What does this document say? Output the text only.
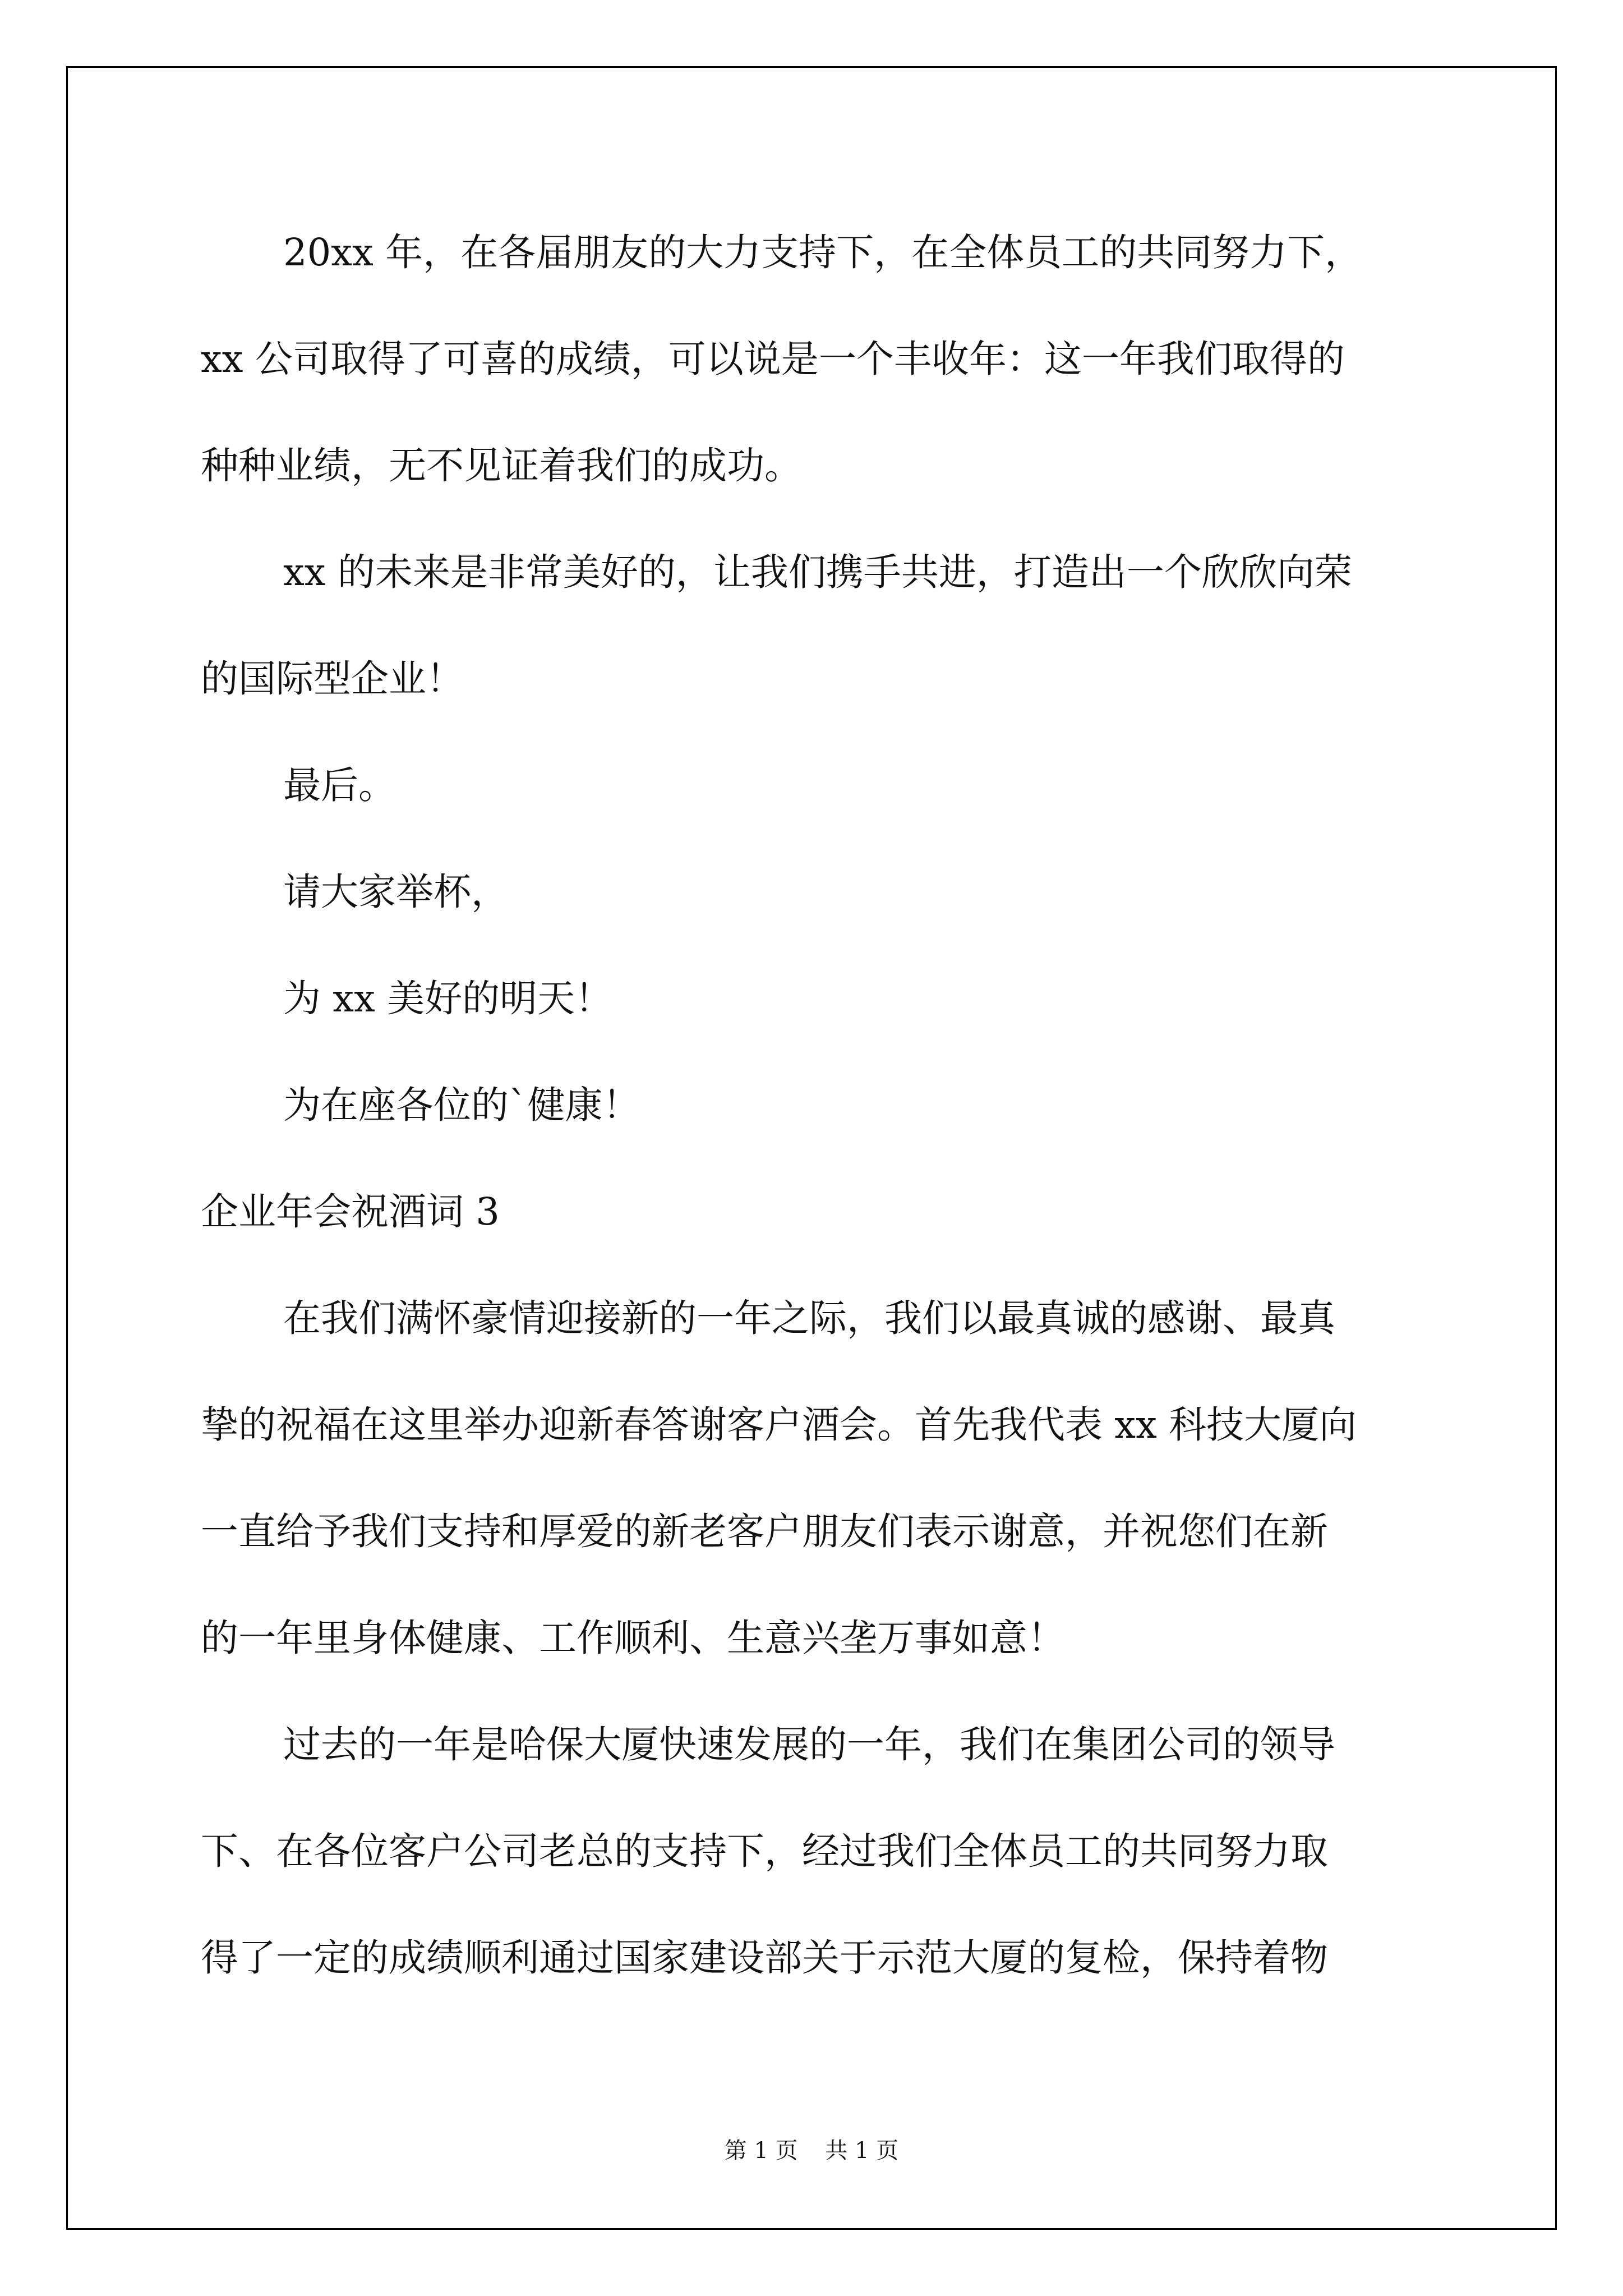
20xx 年，在各届朋友的大力支持下，在全体员工的共同努力下，
xx 公司取得了可喜的成绩，可以说是一个丰收年：这一年我们取得的
种种业绩，无不见证着我们的成功。
xx 的未来是非常美好的，让我们携手共进，打造出一个欣欣向荣
的国际型企业！
最后。
请大家举杯，
为 xx 美好的明天！
为在座各位的`健康！
企业年会祝酒词 3
在我们满怀豪情迎接新的一年之际，我们以最真诚的感谢、最真
挚的祝福在这里举办迎新春答谢客户酒会。首先我代表 xx 科技大厦向
一直给予我们支持和厚爱的新老客户朋友们表示谢意，并祝您们在新
的一年里身体健康、工作顺利、生意兴垄万事如意！
过去的一年是哈保大厦快速发展的一年，我们在集团公司的领导
下、在各位客户公司老总的支持下，经过我们全体员工的共同努力取
得了一定的成绩顺利通过国家建设部关于示范大厦的复检，保持着物
第 1 页 共 1 页
